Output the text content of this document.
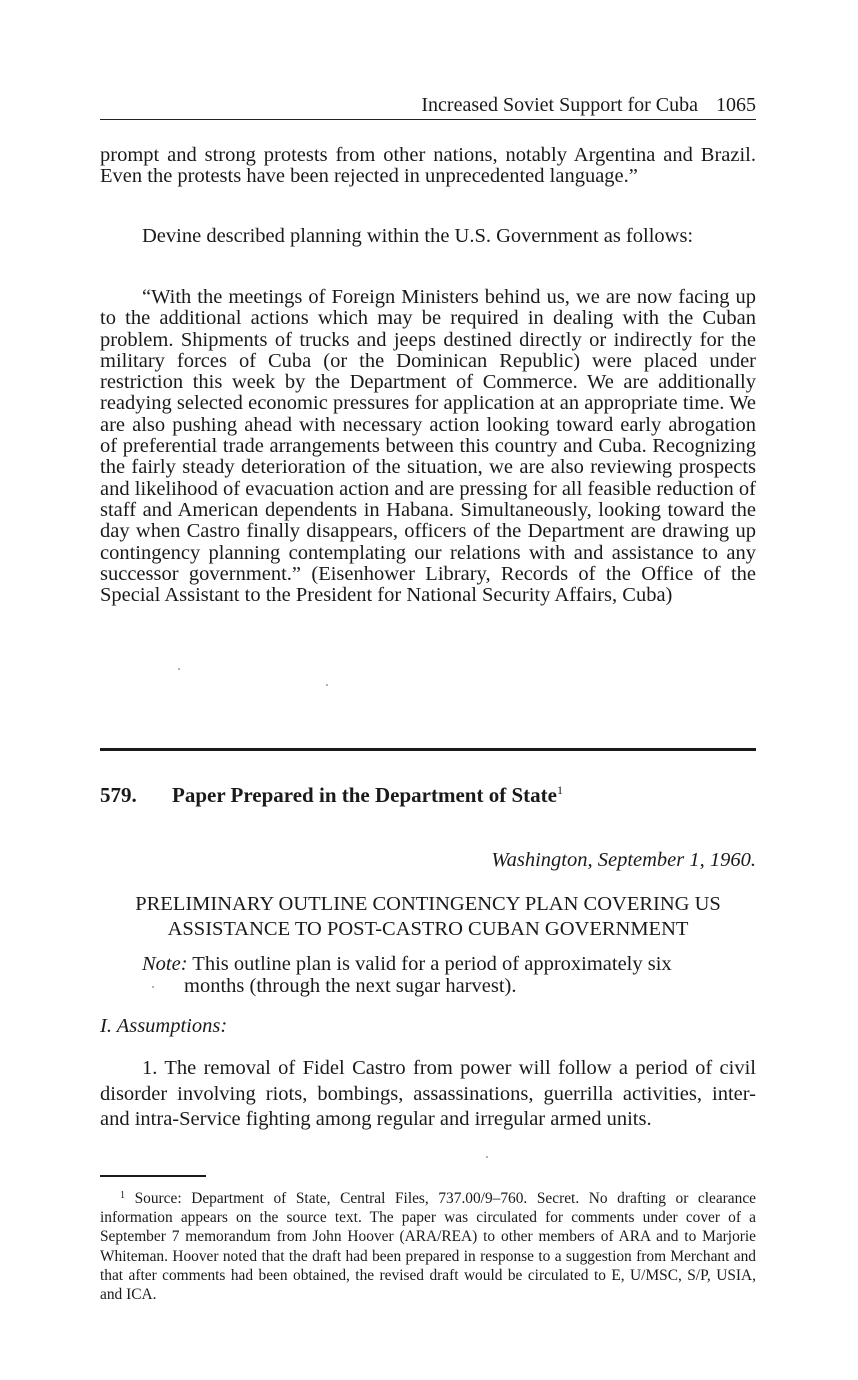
Increased Soviet Support for Cuba 1065

prompt and strong protests from other nations, notably Argentina and Brazil. Even the protests have been rejected in unprecedented language.”

Devine described planning within the U.S. Government as follows:

“With the meetings of Foreign Ministers behind us, we are now facing up to the additional actions which may be required in dealing with the Cuban problem. Shipments of trucks and jeeps destined directly or indirectly for the military forces of Cuba (or the Dominican Republic) were placed under restriction this week by the Department of Commerce. We are additionally readying selected economic pressures for application at an appropriate time. We are also pushing ahead with necessary action looking toward early abrogation of preferential trade arrangements between this country and Cuba. Recognizing the fairly steady deterioration of the situation, we are also reviewing prospects and likelihood of evacuation action and are pressing for all feasible reduction of staff and American dependents in Habana. Simultaneously, looking toward the day when Castro finally disappears, officers of the Department are drawing up contingency planning contemplating our relations with and assistance to any successor government.” (Eisenhower Library, Records of the Office of the Special Assistant to the President for National Security Affairs, Cuba)

579. Paper Prepared in the Department of State$^1$
Washington, September 1, 1960.
PRELIMINARY OUTLINE CONTINGENCY PLAN COVERING US
ASSISTANCE TO POST-CASTRO CUBAN GOVERNMENT
Note: This outline plan is valid for a period of approximately six
months (through the next sugar harvest).
I. Assumptions:

1. The removal of Fidel Castro from power will follow a period of civil disorder involving riots, bombings, assassinations, guerrilla activities, inter- and intra-Service fighting among regular and irregular armed units.

$^1$ Source: Department of State, Central Files, 737.00/9–760. Secret. No drafting or clearance information appears on the source text. The paper was circulated for comments under cover of a September 7 memorandum from John Hoover (ARA/REA) to other members of ARA and to Marjorie Whiteman. Hoover noted that the draft had been prepared in response to a suggestion from Merchant and that after comments had been obtained, the revised draft would be circulated to E, U/MSC, S/P, USIA, and ICA.
